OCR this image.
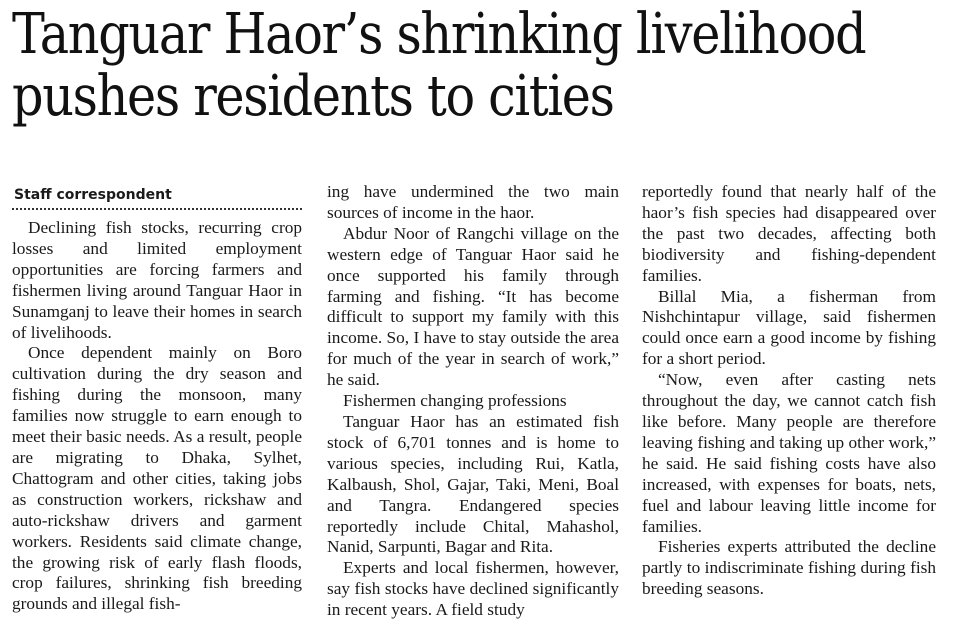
Tanguar Haor’s shrinking livelihood
pushes residents to cities
Staff correspondent

Declining fish stocks, recurring crop losses and limited employment opportunities are forcing farmers and fishermen living around Tanguar Haor in Sunamganj to leave their homes in search of livelihoods.

Once dependent mainly on Boro cultivation during the dry season and fishing during the monsoon, many families now struggle to earn enough to meet their basic needs. As a result, people are migrating to Dhaka, Sylhet, Chattogram and other cities, taking jobs as construction workers, rickshaw and auto-rickshaw drivers and garment workers. Residents said climate change, the growing risk of early flash floods, crop failures, shrinking fish breeding grounds and illegal fish-

ing have undermined the two main sources of income in the haor.

Abdur Noor of Rangchi village on the western edge of Tanguar Haor said he once supported his family through farming and fishing. “It has become difficult to support my family with this income. So, I have to stay outside the area for much of the year in search of work,” he said.

Fishermen changing professions

Tanguar Haor has an estimated fish stock of 6,701 tonnes and is home to various species, including Rui, Katla, Kalbaush, Shol, Gajar, Taki, Meni, Boal and Tangra. Endangered species reportedly include Chital, Mahashol, Nanid, Sarpunti, Bagar and Rita.

Experts and local fishermen, however, say fish stocks have declined significantly in recent years. A field study

reportedly found that nearly half of the haor’s fish species had disappeared over the past two decades, affecting both biodiversity and fishing-dependent families.

Billal Mia, a fisherman from Nishchintapur village, said fishermen could once earn a good income by fishing for a short period.

“Now, even after casting nets throughout the day, we cannot catch fish like before. Many people are therefore leaving fishing and taking up other work,” he said. He said fishing costs have also increased, with expenses for boats, nets, fuel and labour leaving little income for families.

Fisheries experts attributed the decline partly to indiscriminate fishing during fish breeding seasons.
